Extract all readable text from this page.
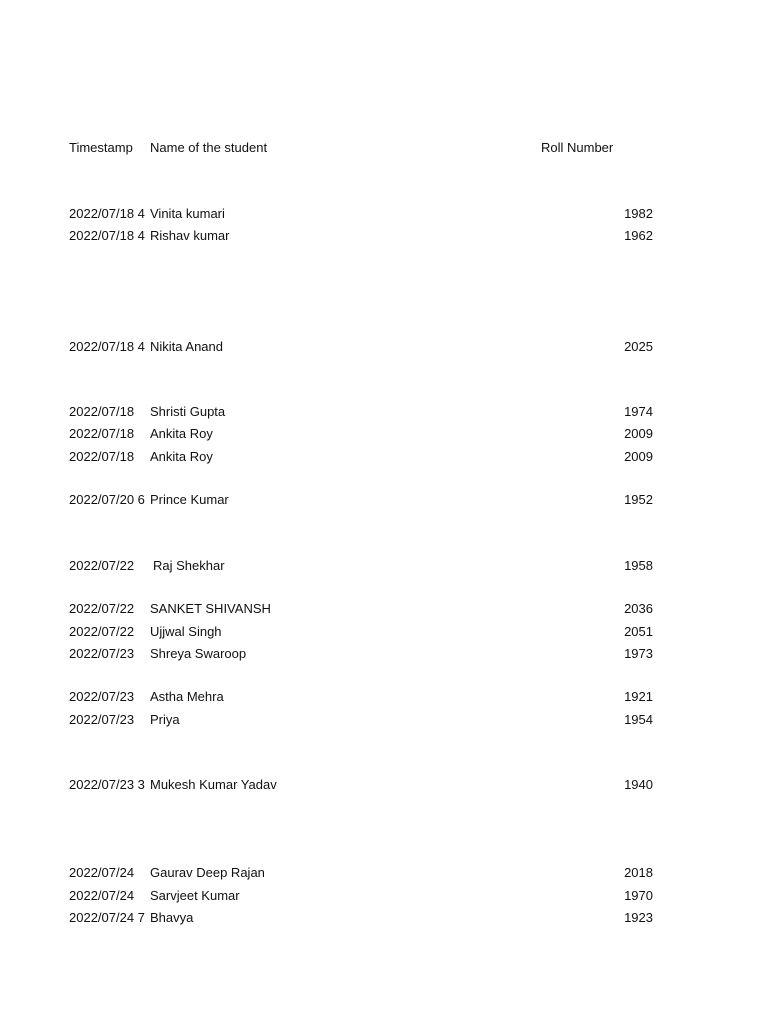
Timestamp Name of the student	Roll Number
2022/07/18 4 Vinita kumari	1982
2022/07/18 4 Rishav kumar	1962
2022/07/18 4 Nikita Anand	2025
2022/07/18	Shristi Gupta	1974
2022/07/18	Ankita Roy	2009
2022/07/18	Ankita Roy	2009
2022/07/20 6 Prince Kumar	1952
2022/07/22	Raj Shekhar	1958
2022/07/22	SANKET SHIVANSH	2036
2022/07/22	Ujjwal Singh	2051
2022/07/23	Shreya Swaroop	1973
2022/07/23	Astha Mehra	1921
2022/07/23	Priya	1954
2022/07/23 3 Mukesh Kumar Yadav	1940
2022/07/24	Gaurav Deep Rajan	2018
2022/07/24	Sarvjeet Kumar	1970
2022/07/24 7 Bhavya	1923
